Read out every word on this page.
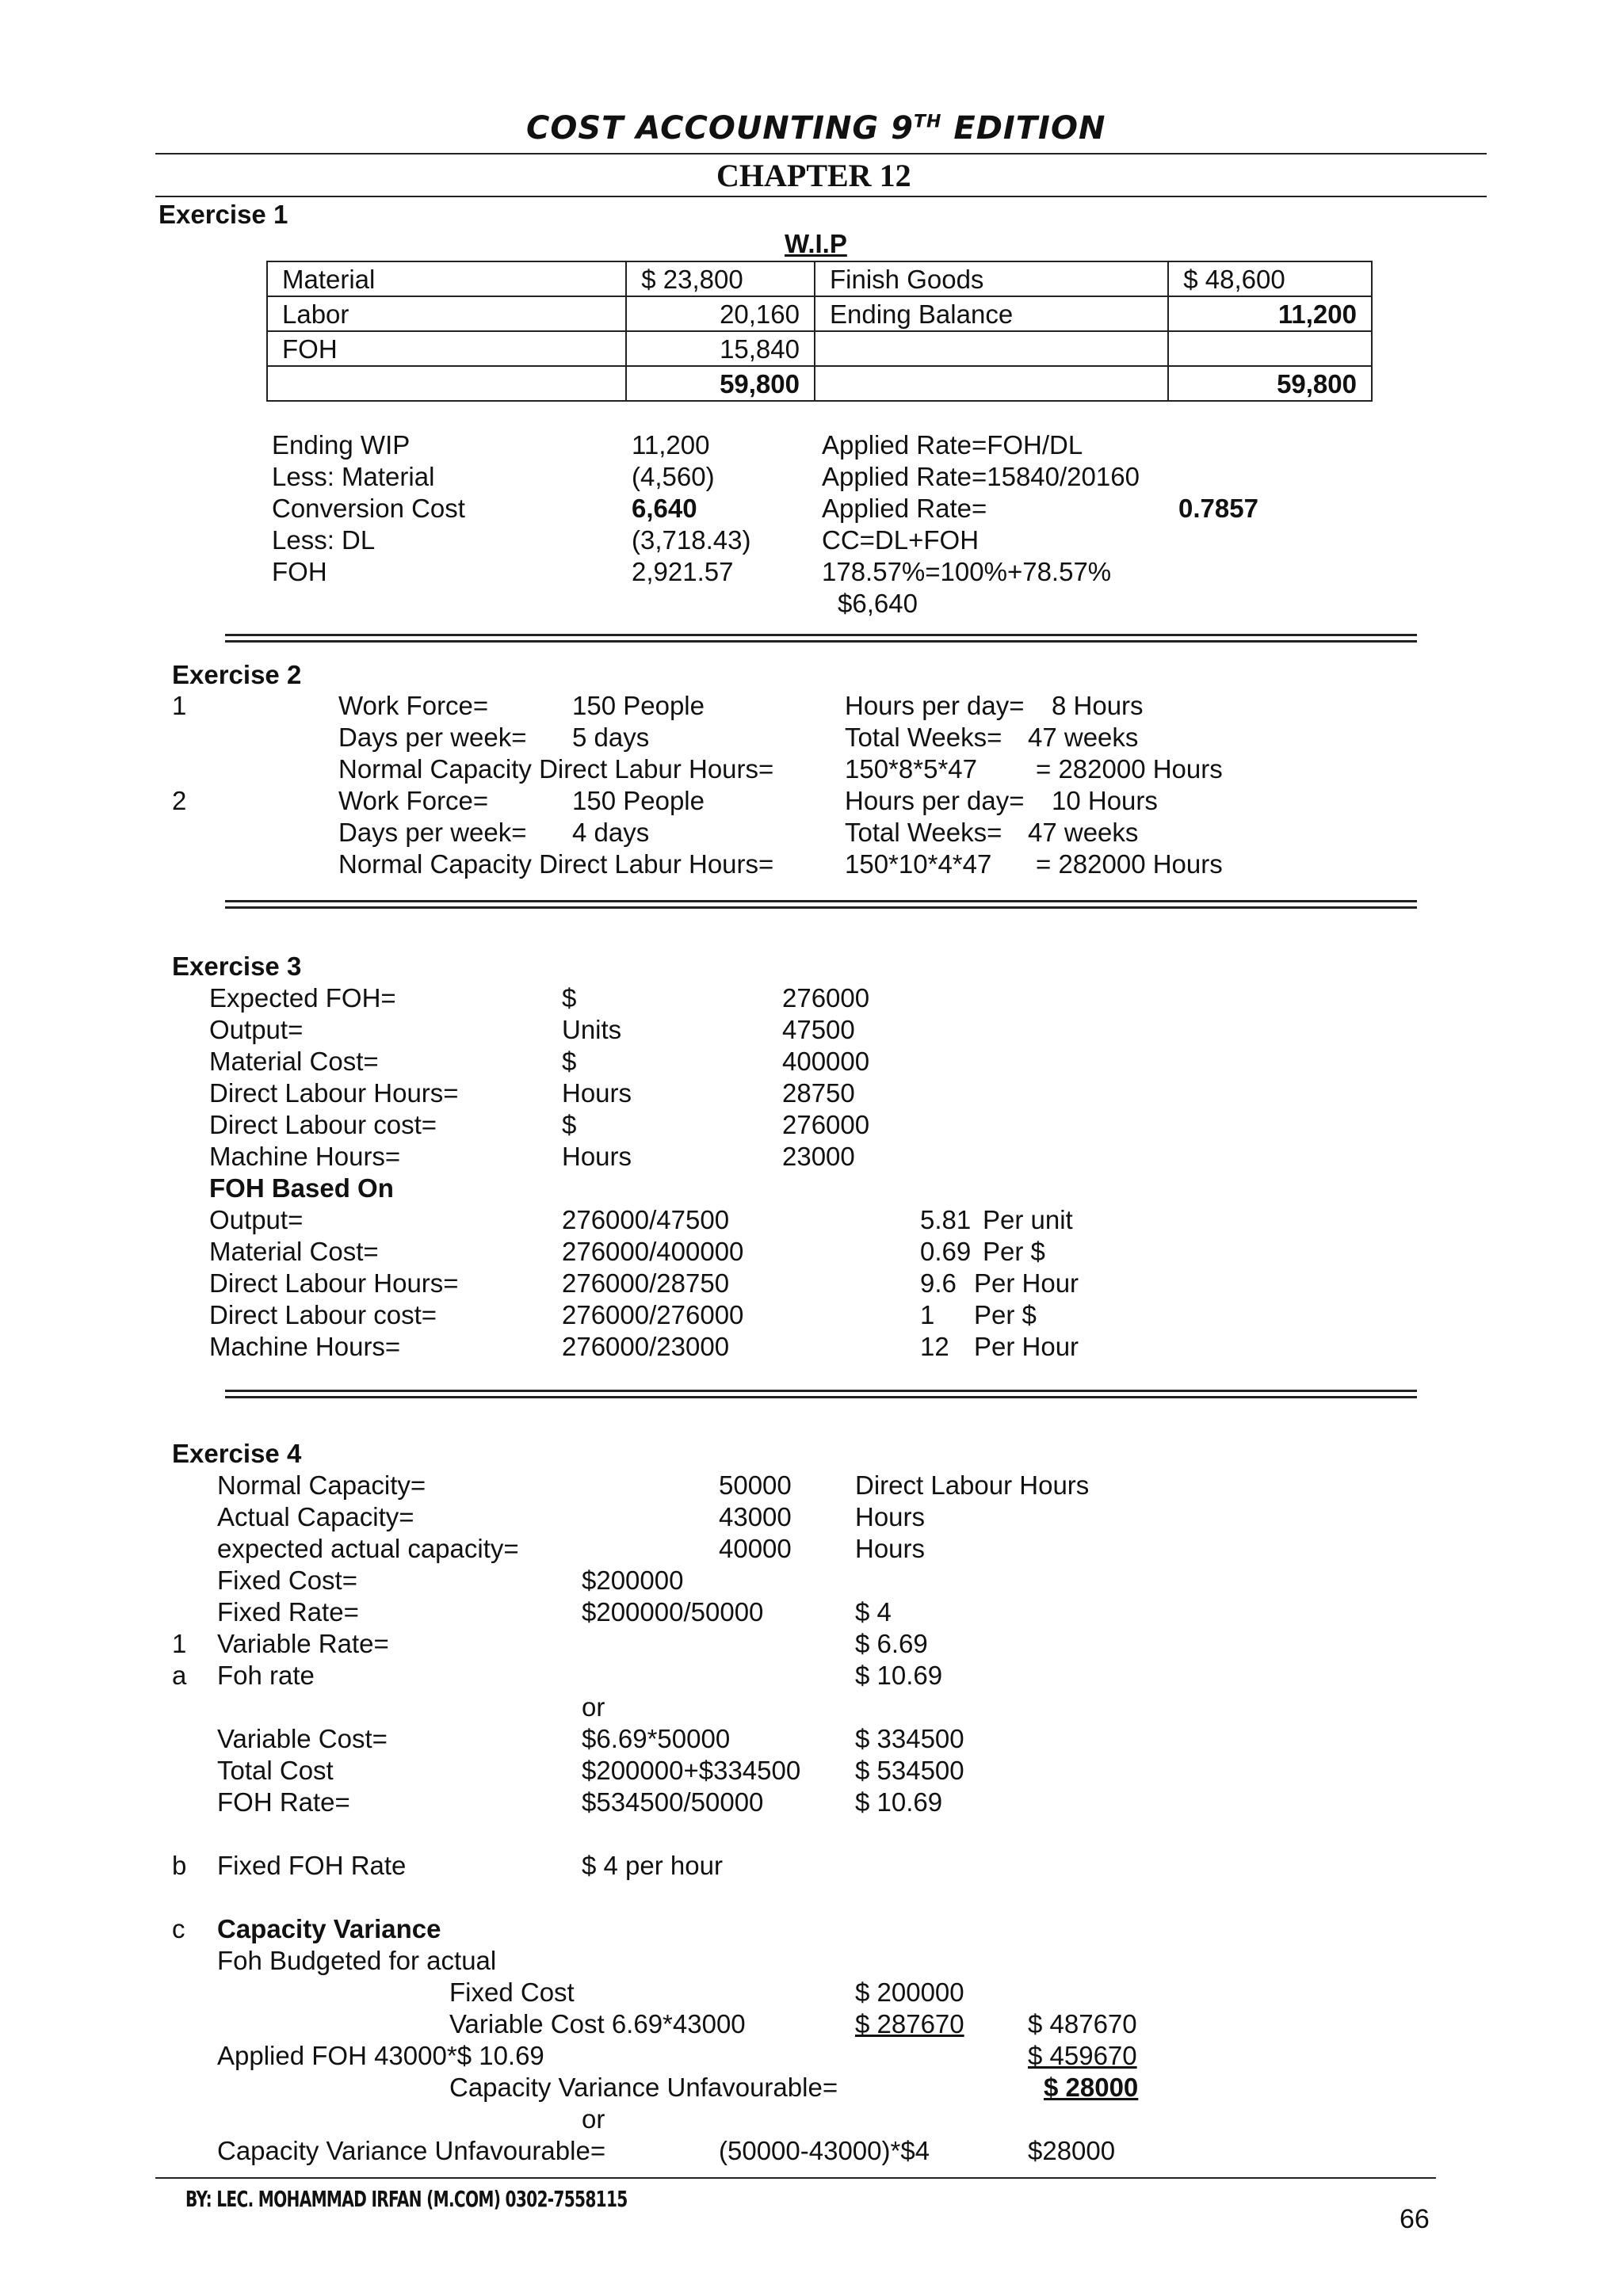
COST ACCOUNTING 9TH EDITION
CHAPTER 12
Exercise 1
W.I.P
Material	$ 23,800	Finish Goods	$ 48,600
Labor	20,160	Ending Balance	11,200
FOH	15,840		
	59,800		59,800
Ending WIP	11,200	Applied Rate=FOH/DL
Less: Material	(4,560)	Applied Rate=15840/20160
Conversion Cost	6,640	Applied Rate=	0.7857
Less: DL	(3,718.43)	CC=DL+FOH
FOH	2,921.57	178.57%=100%+78.57%
$6,640
Exercise 2
1	Work Force=	150 People	Hours per day= 8 Hours
Days per week= 5 days	Total Weeks= 47 weeks
Normal Capacity Direct Labur Hours=	150*8*5*47 = 282000 Hours
2	Work Force=	150 People	Hours per day= 10 Hours
Days per week= 4 days	Total Weeks= 47 weeks
Normal Capacity Direct Labur Hours=	150*10*4*47 = 282000 Hours
Exercise 3
Expected FOH=	$	276000
Output=	Units	47500
Material Cost=	$	400000
Direct Labour Hours=	Hours	28750
Direct Labour cost=	$	276000
Machine Hours=	Hours	23000
FOH Based On
Output=	276000/47500	5.81 Per unit
Material Cost=	276000/400000	0.69 Per $
Direct Labour Hours=	276000/28750	9.6 Per Hour
Direct Labour cost=	276000/276000	1 Per $
Machine Hours=	276000/23000	12 Per Hour
Exercise 4
Normal Capacity=	50000 Direct Labour Hours
Actual Capacity=	43000 Hours
expected actual capacity=	40000 Hours
Fixed Cost=	$200000
Fixed Rate=	$200000/50000	$ 4
1 Variable Rate=	$ 6.69
a Foh rate	$ 10.69
or
Variable Cost=	$6.69*50000	$ 334500
Total Cost	$200000+$334500 $ 534500
FOH Rate=	$534500/50000	$ 10.69
b Fixed FOH Rate	$ 4 per hour
c Capacity Variance
Foh Budgeted for actual
Fixed Cost	$ 200000
Variable Cost 6.69*43000	$ 287670 $ 487670
Applied FOH 43000*$ 10.69	$ 459670
Capacity Variance Unfavourable=	$ 28000
or
Capacity Variance Unfavourable=	(50000-43000)*$4	$28000
BY: LEC. MOHAMMAD IRFAN (M.COM) 0302-7558115
66
